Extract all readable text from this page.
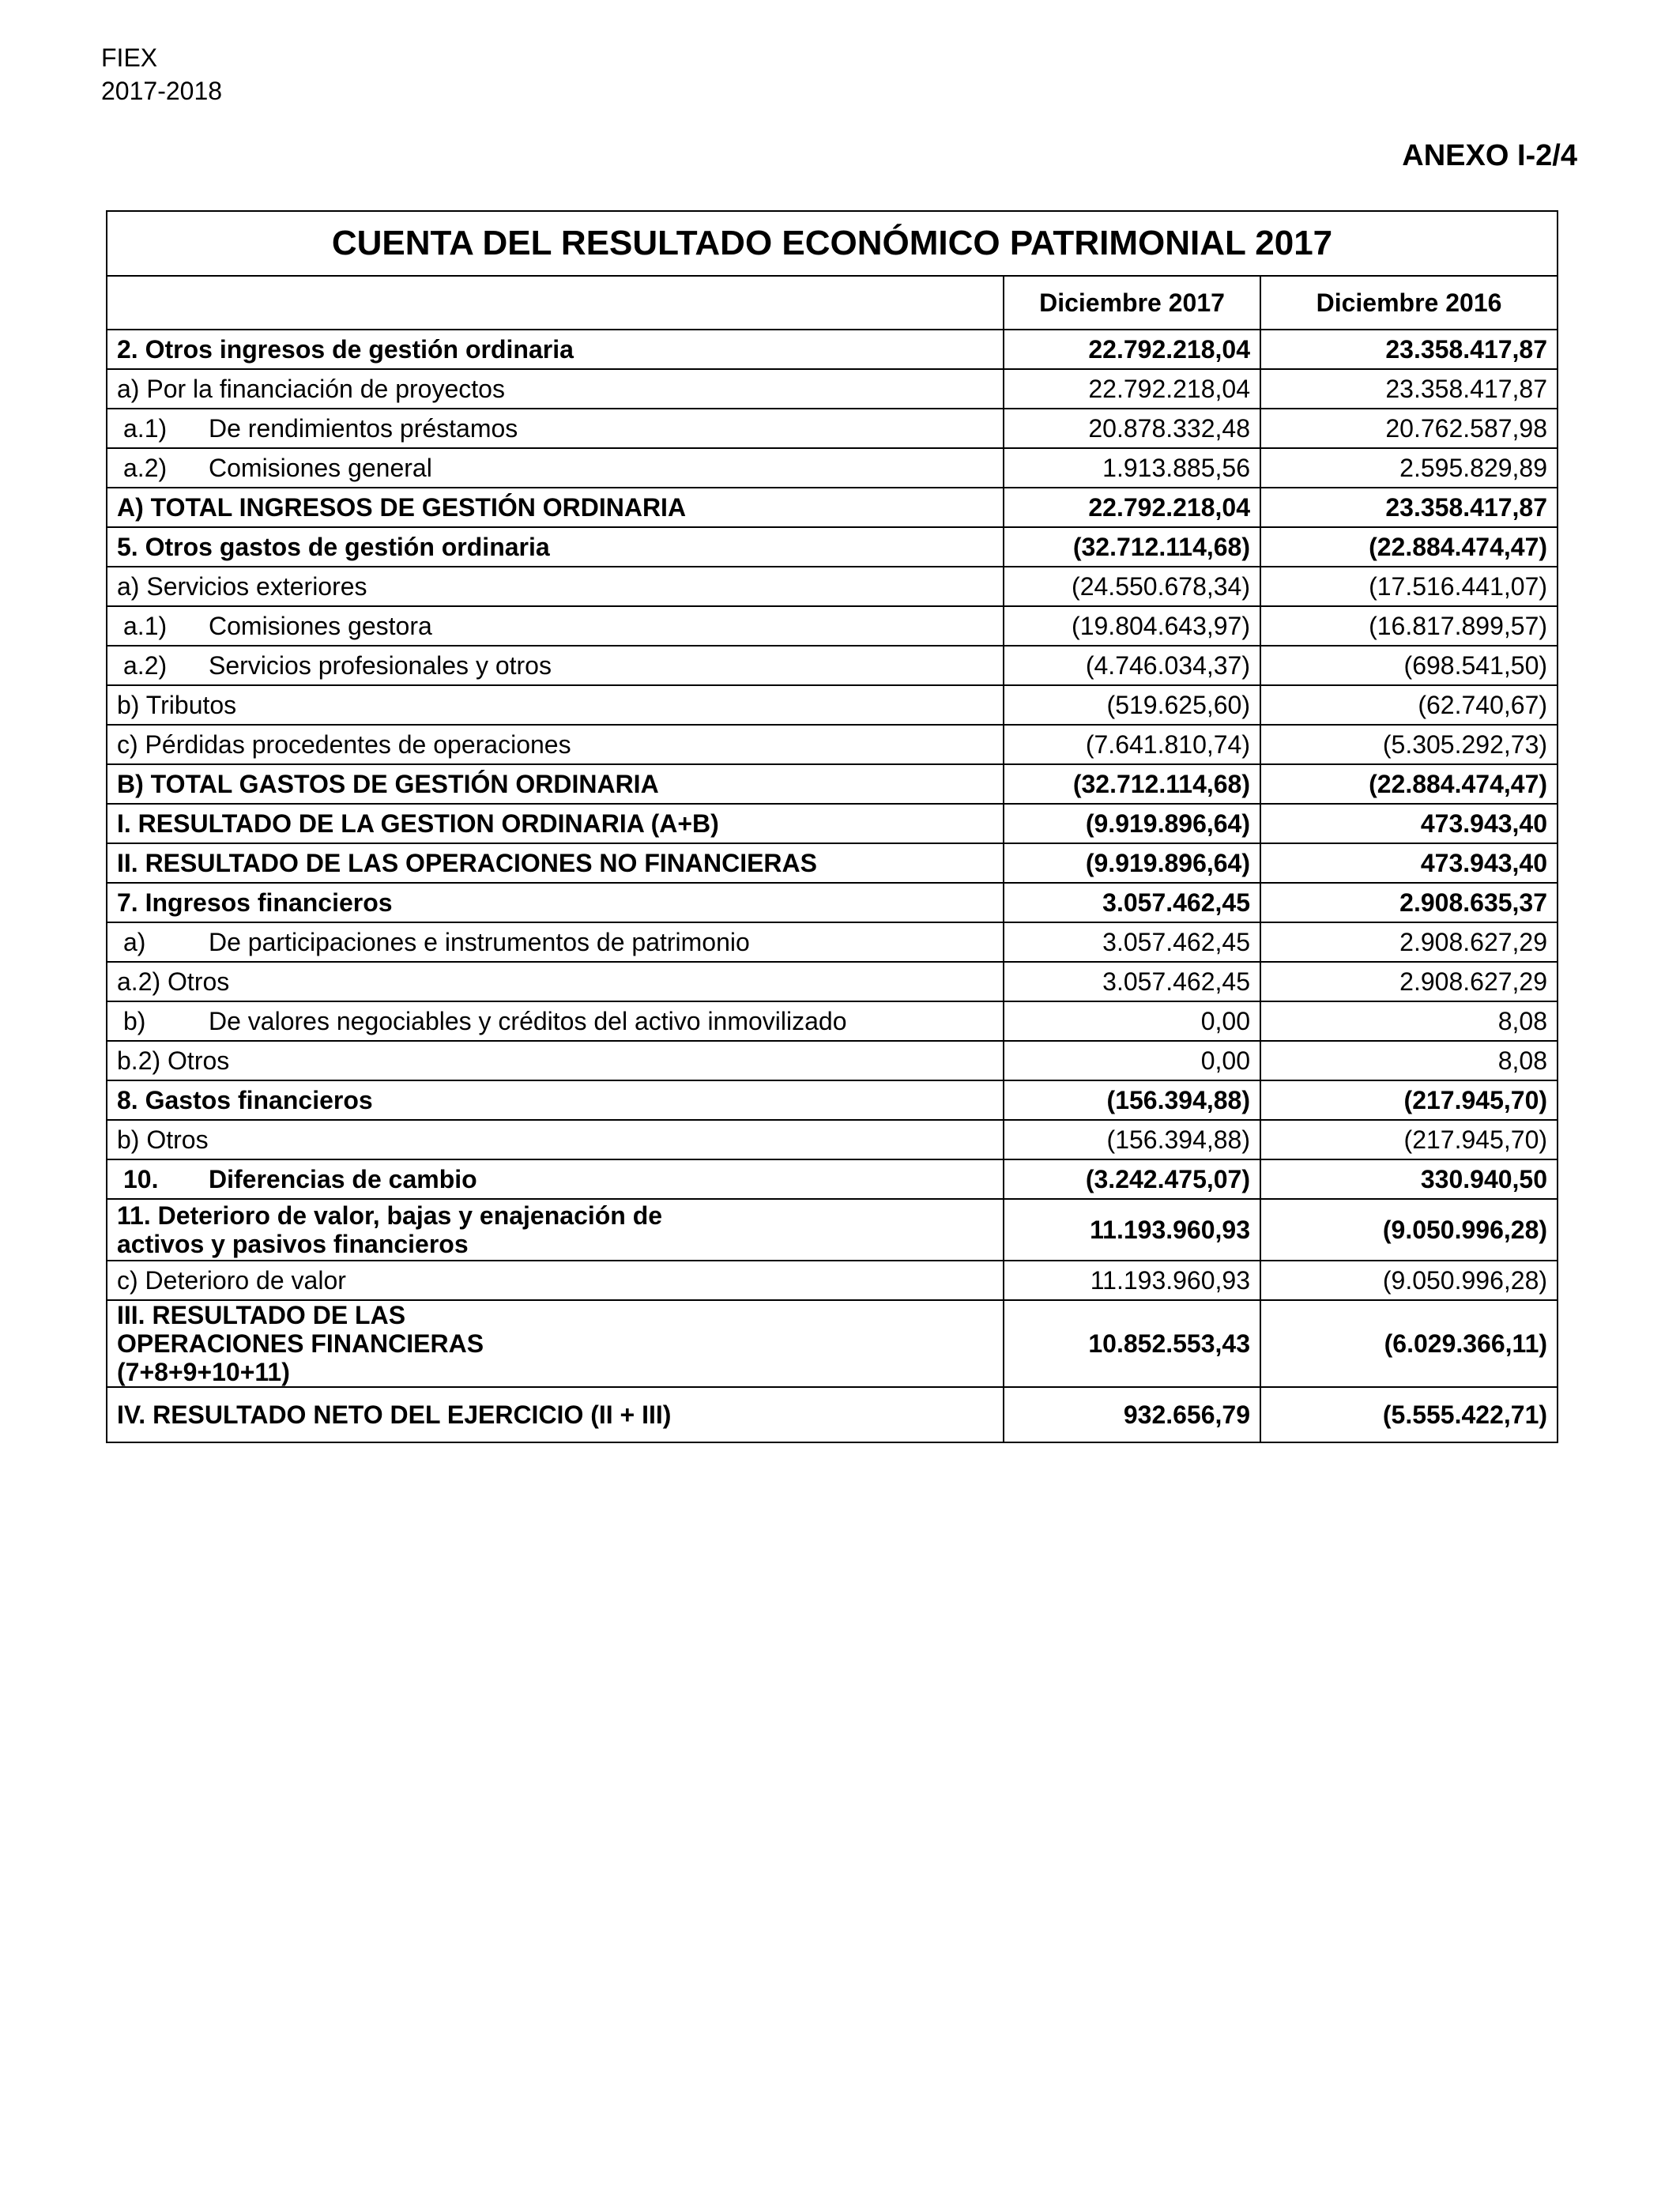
FIEX
2017-2018
ANEXO I-2/4
CUENTA DEL RESULTADO ECONÓMICO PATRIMONIAL 2017		
	Diciembre 2017	Diciembre 2016
2. Otros ingresos de gestión ordinaria	22.792.218,04	23.358.417,87
a) Por la financiación de proyectos	22.792.218,04	23.358.417,87
a.1) De rendimientos préstamos	20.878.332,48	20.762.587,98
a.2) Comisiones general	1.913.885,56	2.595.829,89
A) TOTAL INGRESOS DE GESTIÓN ORDINARIA	22.792.218,04	23.358.417,87
5. Otros gastos de gestión ordinaria	(32.712.114,68)	(22.884.474,47)
a) Servicios exteriores	(24.550.678,34)	(17.516.441,07)
a.1) Comisiones gestora	(19.804.643,97)	(16.817.899,57)
a.2) Servicios profesionales y otros	(4.746.034,37)	(698.541,50)
b) Tributos	(519.625,60)	(62.740,67)
c) Pérdidas procedentes de operaciones	(7.641.810,74)	(5.305.292,73)
B) TOTAL GASTOS DE GESTIÓN ORDINARIA	(32.712.114,68)	(22.884.474,47)
I. RESULTADO DE LA GESTION ORDINARIA (A+B)	(9.919.896,64)	473.943,40
II. RESULTADO DE LAS OPERACIONES NO FINANCIERAS	(9.919.896,64)	473.943,40
7. Ingresos financieros	3.057.462,45	2.908.635,37
a) De participaciones e instrumentos de patrimonio	3.057.462,45	2.908.627,29
a.2) Otros	3.057.462,45	2.908.627,29
b) De valores negociables y créditos del activo inmovilizado	0,00	8,08
b.2) Otros	0,00	8,08
8. Gastos financieros	(156.394,88)	(217.945,70)
b) Otros	(156.394,88)	(217.945,70)
10. Diferencias de cambio	(3.242.475,07)	330.940,50
11. Deterioro de valor, bajas y enajenación de activos y pasivos financieros	11.193.960,93	(9.050.996,28)
c) Deterioro de valor	11.193.960,93	(9.050.996,28)
III. RESULTADO DE LAS OPERACIONES FINANCIERAS (7+8+9+10+11)	10.852.553,43	(6.029.366,11)
IV. RESULTADO NETO DEL EJERCICIO (II + III)	932.656,79	(5.555.422,71)
